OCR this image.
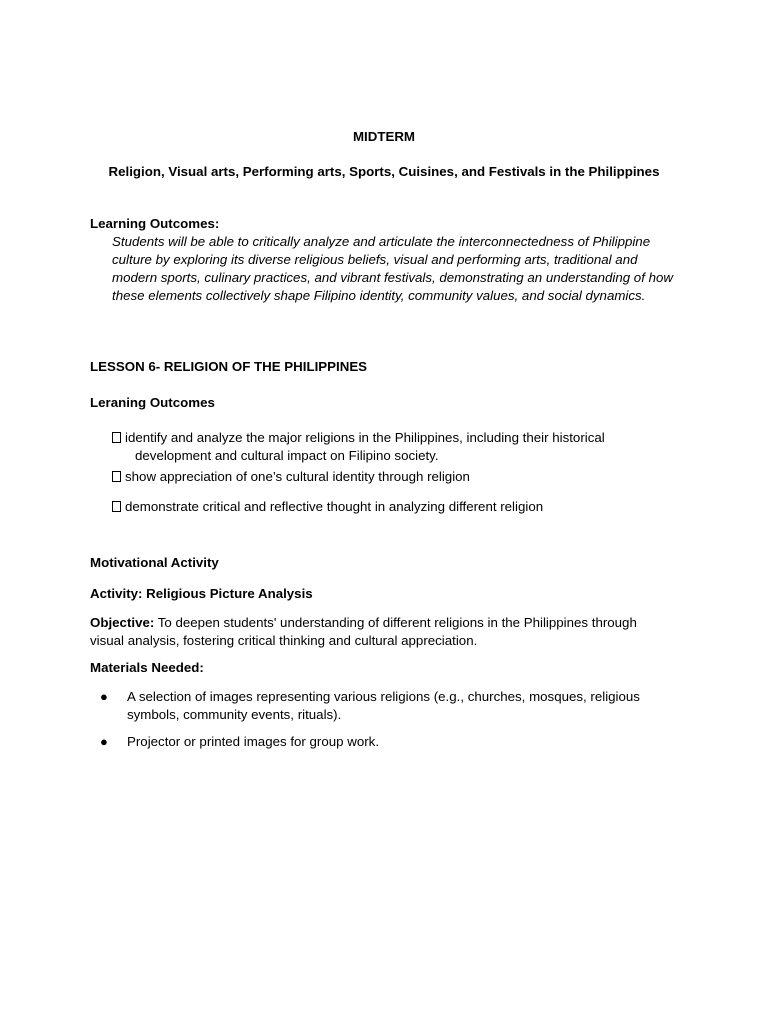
MIDTERM

Religion, Visual arts, Performing arts, Sports, Cuisines, and Festivals in the Philippines

Learning Outcomes:

Students will be able to critically analyze and articulate the interconnectedness of Philippine culture by exploring its diverse religious beliefs, visual and performing arts, traditional and modern sports, culinary practices, and vibrant festivals, demonstrating an understanding of how these elements collectively shape Filipino identity, community values, and social dynamics.

LESSON 6- RELIGION OF THE PHILIPPINES

Leraning Outcomes

identify and analyze the major religions in the Philippines, including their historical
development and cultural impact on Filipino society.
show appreciation of one’s cultural identity through religion
demonstrate critical and reflective thought in analyzing different religion

Motivational Activity

Activity: Religious Picture Analysis

Objective: To deepen students' understanding of different religions in the Philippines through visual analysis, fostering critical thinking and cultural appreciation.

Materials Needed:

● A selection of images representing various religions (e.g., churches, mosques, religious symbols, community events, rituals).
● Projector or printed images for group work.
